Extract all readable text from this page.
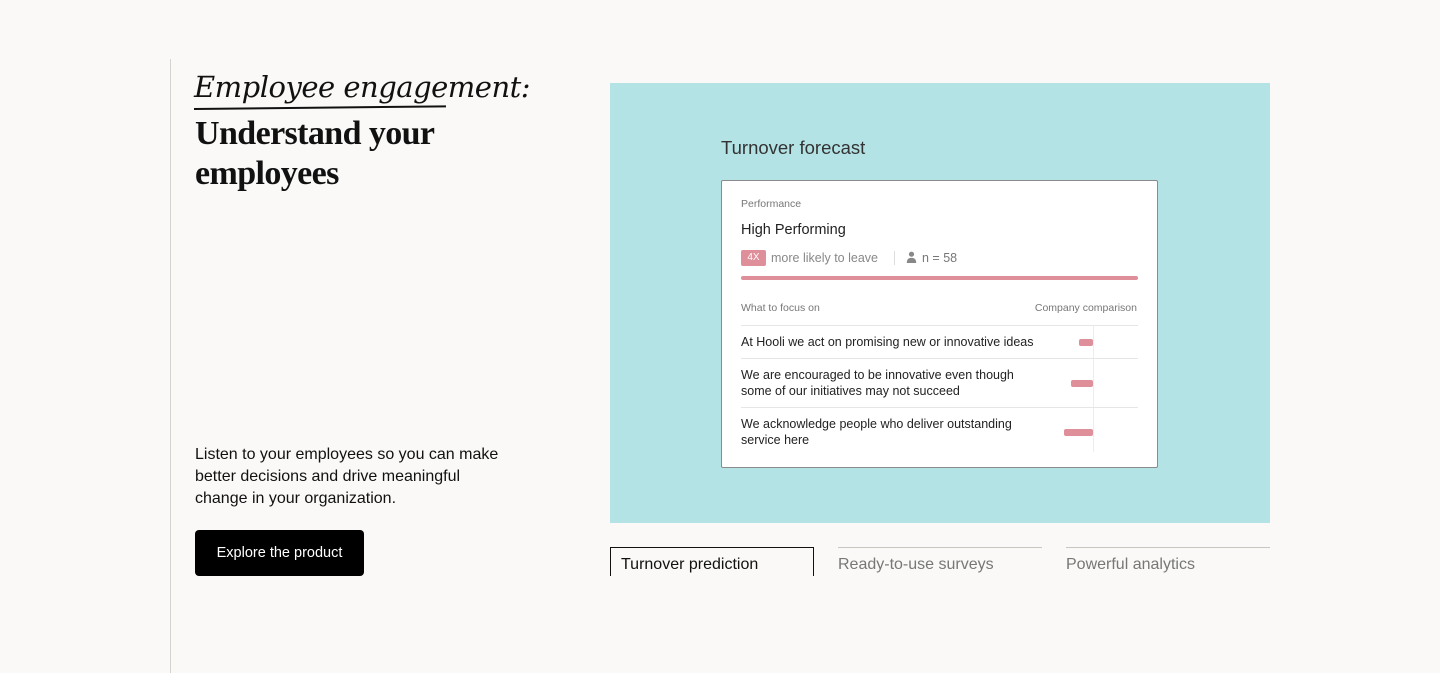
Employee engagement:
Understand your employees

Listen to your employees so you can make better decisions and drive meaningful change in your organization.

Explore the product
Turnover forecast
Performance
High Performing
4X more likely to leave	n = 58
What to focus on	Company comparison
At Hooli we act on promising new or innovative ideas
We are encouraged to be innovative even though some of our initiatives may not succeed
We acknowledge people who deliver outstanding service here
Turnover prediction	Ready-to-use surveys	Powerful analytics
